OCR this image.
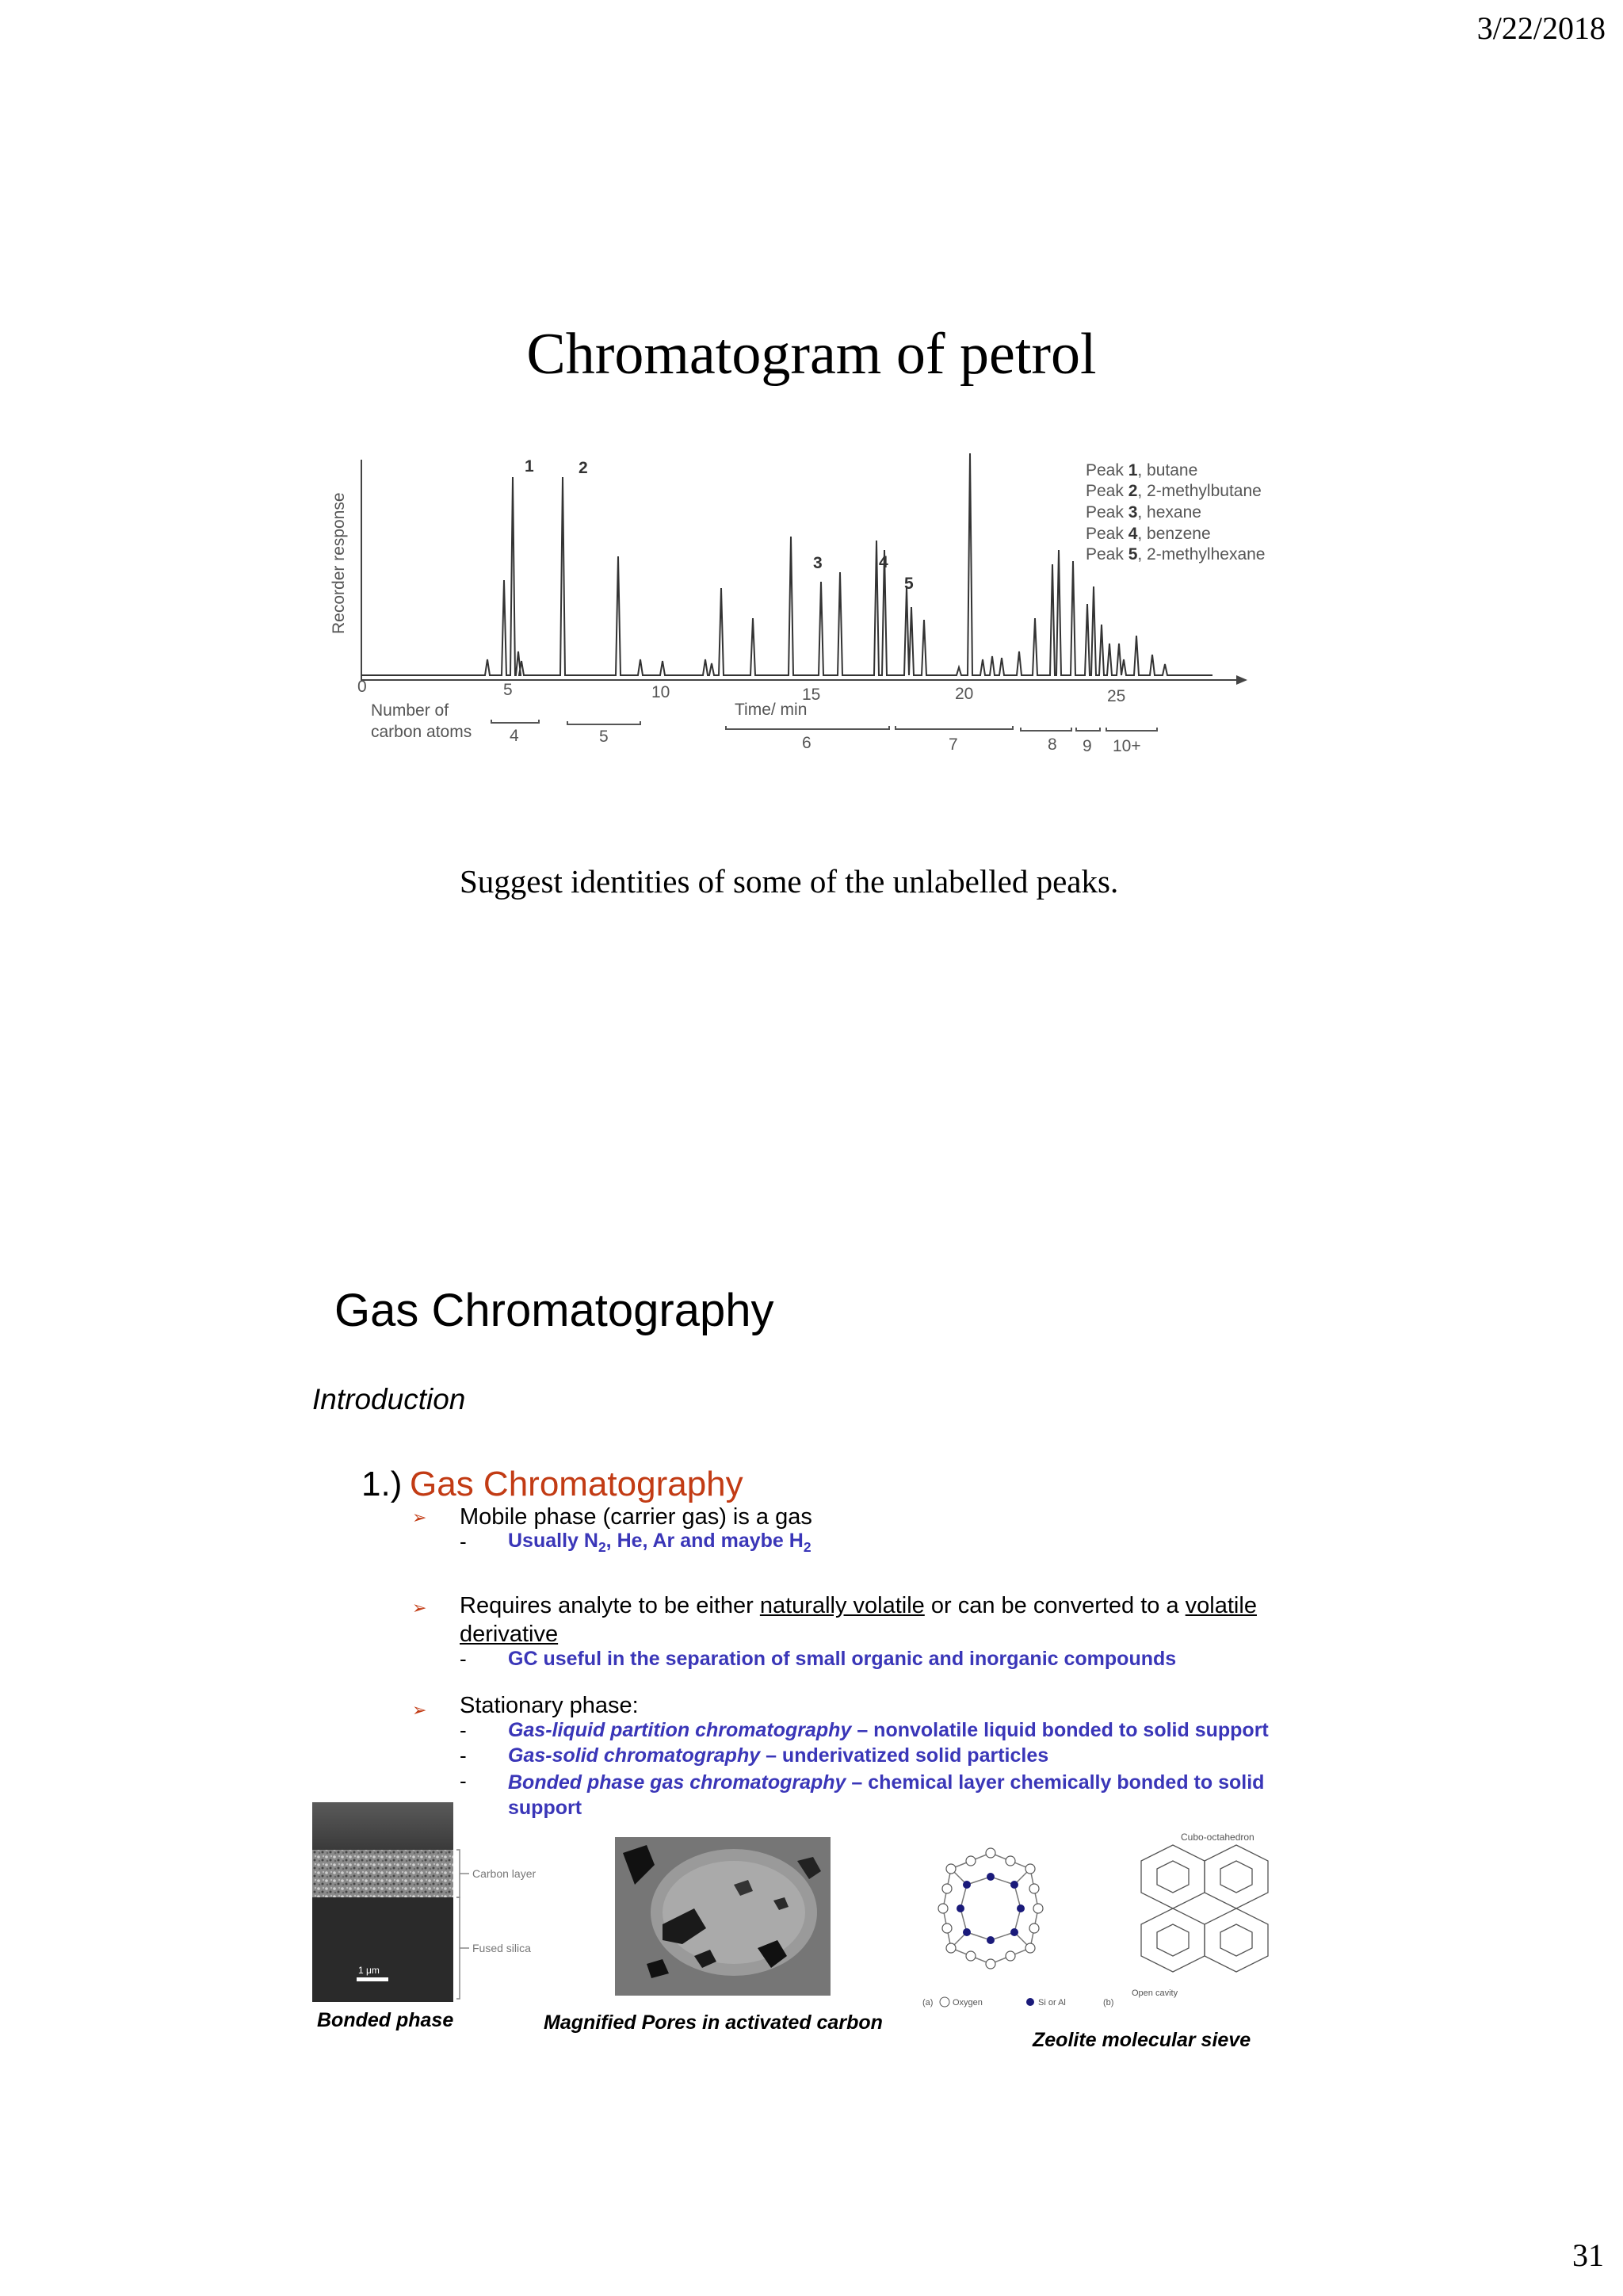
3/22/2018
31
Chromatogram of petrol
Recorder response
0	5	10	15	20	25
Time/ min
Number of
carbon atoms 4	5	6	7	8 9 10+
1	2
3	4
5
Peak 1, butane
Peak 2, 2-methylbutane
Peak 3, hexane
Peak 4, benzene
Peak 5, 2-methylhexane
Suggest identities of some of the unlabelled peaks.
Gas Chromatography
Introduction
1.) Gas Chromatography
➢ Mobile phase (carrier gas) is a gas
- Usually $N_2$, He, Ar and maybe $H_2$
➢ Requires analyte to be either naturally volatile or can be converted to a volatile
derivative
- GC useful in the separation of small organic and inorganic compounds
➢ Stationary phase:
- Gas-liquid partition chromatography – nonvolatile liquid bonded to solid support
- Gas-solid chromatography – underivatized solid particles
- Bonded phase gas chromatography – chemical layer chemically bonded to solid
support
1 μm
Carbon layer
Fused silica
Bonded phase	Magnified Pores in activated carbon
Cubo-octahedron
(a) Oxygen	Si or Al	(b)
Open cavity
Zeolite molecular sieve
